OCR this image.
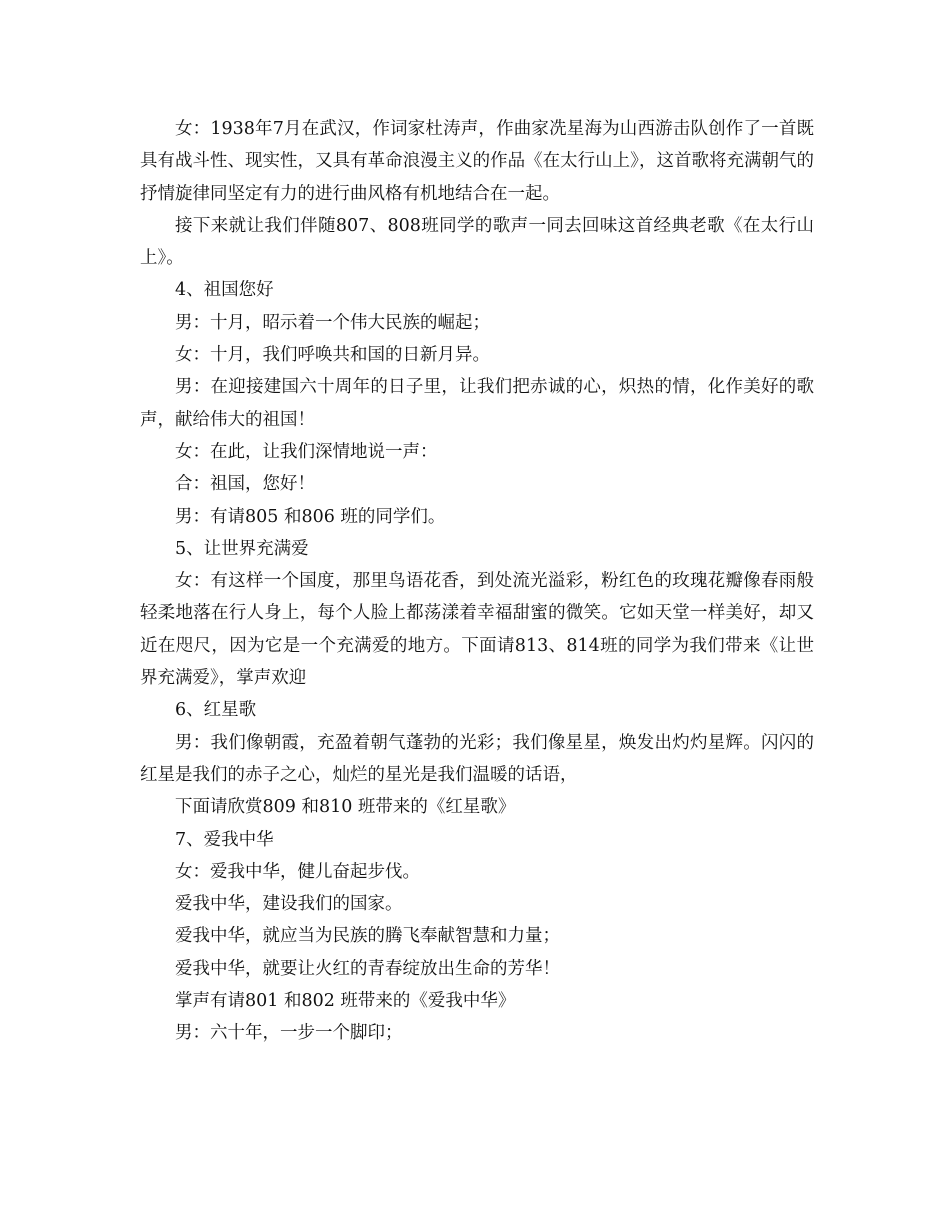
女：1938年7月在武汉，作词家杜涛声，作曲家冼星海为山西游击队创作了一首既具有战斗性、现实性，又具有革命浪漫主义的作品《在太行山上》，这首歌将充满朝气的抒情旋律同坚定有力的进行曲风格有机地结合在一起。

接下来就让我们伴随807、808班同学的歌声一同去回味这首经典老歌《在太行山上》。

4、祖国您好

男：十月，昭示着一个伟大民族的崛起；

女：十月，我们呼唤共和国的日新月异。

男：在迎接建国六十周年的日子里，让我们把赤诚的心，炽热的情，化作美好的歌声，献给伟大的祖国！

女：在此，让我们深情地说一声：

合：祖国，您好！

男：有请805 和806 班的同学们。

5、让世界充满爱

女：有这样一个国度，那里鸟语花香，到处流光溢彩，粉红色的玫瑰花瓣像春雨般轻柔地落在行人身上，每个人脸上都荡漾着幸福甜蜜的微笑。它如天堂一样美好，却又近在咫尺，因为它是一个充满爱的地方。下面请813、814班的同学为我们带来《让世界充满爱》，掌声欢迎

6、红星歌

男：我们像朝霞，充盈着朝气蓬勃的光彩；我们像星星，焕发出灼灼星辉。闪闪的红星是我们的赤子之心，灿烂的星光是我们温暖的话语，

下面请欣赏809 和810 班带来的《红星歌》

7、爱我中华

女：爱我中华，健儿奋起步伐。

爱我中华，建设我们的国家。

爱我中华，就应当为民族的腾飞奉献智慧和力量；

爱我中华，就要让火红的青春绽放出生命的芳华！

掌声有请801 和802 班带来的《爱我中华》

男：六十年，一步一个脚印；
